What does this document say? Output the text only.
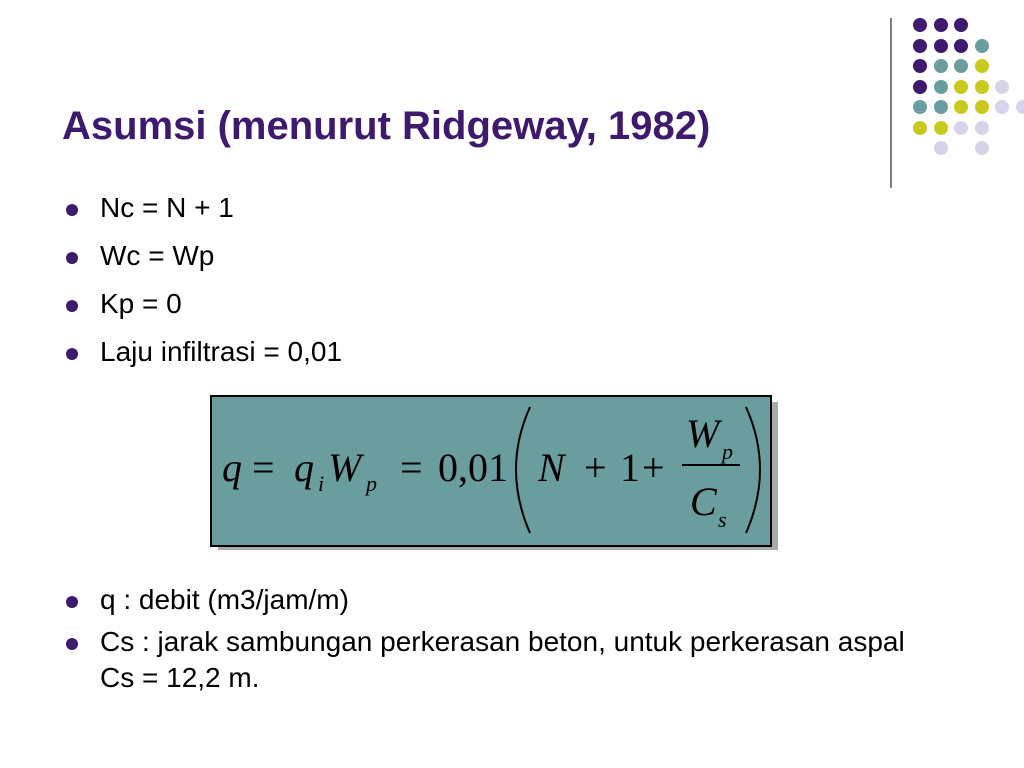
Asumsi (menurut Ridgeway, 1982)
Nc = N + 1
Wc = Wp
Kp = 0
Laju infiltrasi = 0,01
q = q i W p = 0,01 N + 1 +
W p
C s
q : debit (m3/jam/m)
Cs : jarak sambungan perkerasan beton, untuk perkerasan aspal Cs = 12,2 m.
